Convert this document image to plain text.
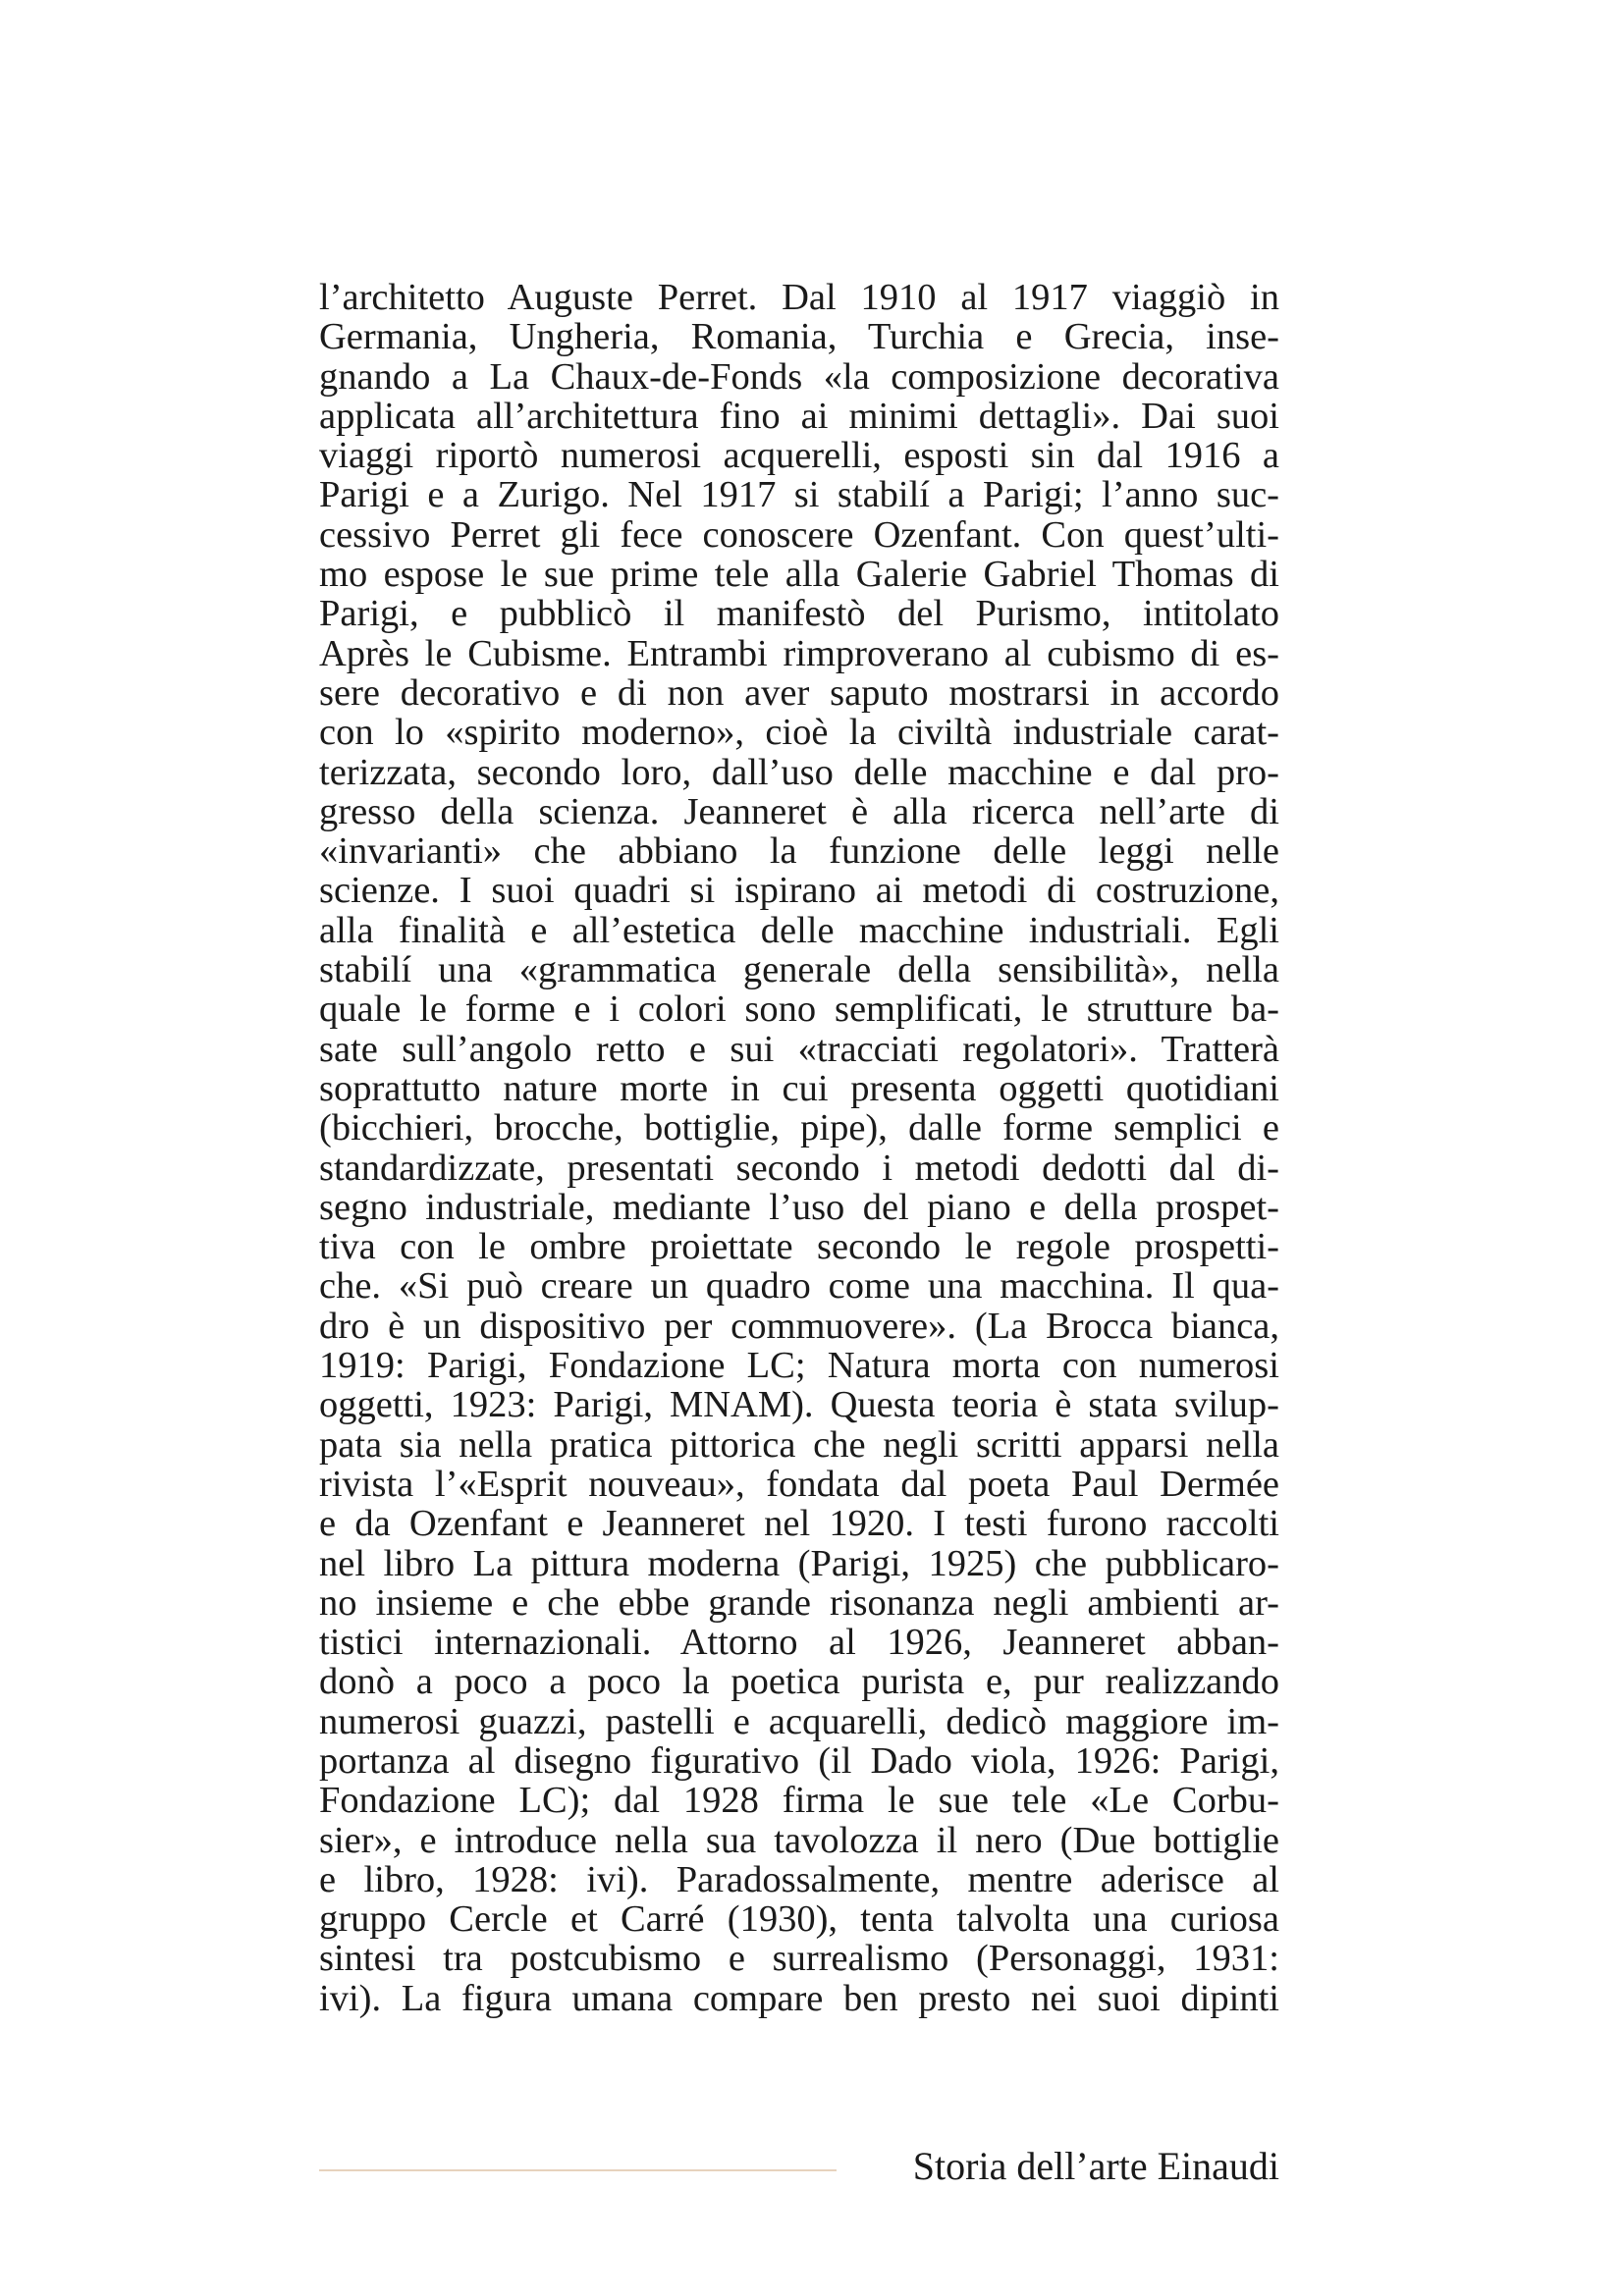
l’architetto Auguste Perret. Dal 1910 al 1917 viaggiò in
Germania, Ungheria, Romania, Turchia e Grecia, inse-
gnando a La Chaux-de-Fonds «la composizione decorativa
applicata all’architettura fino ai minimi dettagli». Dai suoi
viaggi riportò numerosi acquerelli, esposti sin dal 1916 a
Parigi e a Zurigo. Nel 1917 si stabilí a Parigi; l’anno suc-
cessivo Perret gli fece conoscere Ozenfant. Con quest’ulti-
mo espose le sue prime tele alla Galerie Gabriel Thomas di
Parigi, e pubblicò il manifestò del Purismo, intitolato
Après le Cubisme. Entrambi rimproverano al cubismo di es-
sere decorativo e di non aver saputo mostrarsi in accordo
con lo «spirito moderno», cioè la civiltà industriale carat-
terizzata, secondo loro, dall’uso delle macchine e dal pro-
gresso della scienza. Jeanneret è alla ricerca nell’arte di
«invarianti» che abbiano la funzione delle leggi nelle
scienze. I suoi quadri si ispirano ai metodi di costruzione,
alla finalità e all’estetica delle macchine industriali. Egli
stabilí una «grammatica generale della sensibilità», nella
quale le forme e i colori sono semplificati, le strutture ba-
sate sull’angolo retto e sui «tracciati regolatori». Tratterà
soprattutto nature morte in cui presenta oggetti quotidiani
(bicchieri, brocche, bottiglie, pipe), dalle forme semplici e
standardizzate, presentati secondo i metodi dedotti dal di-
segno industriale, mediante l’uso del piano e della prospet-
tiva con le ombre proiettate secondo le regole prospetti-
che. «Si può creare un quadro come una macchina. Il qua-
dro è un dispositivo per commuovere». (La Brocca bianca,
1919: Parigi, Fondazione LC; Natura morta con numerosi
oggetti, 1923: Parigi, MNAM). Questa teoria è stata svilup-
pata sia nella pratica pittorica che negli scritti apparsi nella
rivista l’«Esprit nouveau», fondata dal poeta Paul Dermée
e da Ozenfant e Jeanneret nel 1920. I testi furono raccolti
nel libro La pittura moderna (Parigi, 1925) che pubblicaro-
no insieme e che ebbe grande risonanza negli ambienti ar-
tistici internazionali. Attorno al 1926, Jeanneret abban-
donò a poco a poco la poetica purista e, pur realizzando
numerosi guazzi, pastelli e acquarelli, dedicò maggiore im-
portanza al disegno figurativo (il Dado viola, 1926: Parigi,
Fondazione LC); dal 1928 firma le sue tele «Le Corbu-
sier», e introduce nella sua tavolozza il nero (Due bottiglie
e libro, 1928: ivi). Paradossalmente, mentre aderisce al
gruppo Cercle et Carré (1930), tenta talvolta una curiosa
sintesi tra postcubismo e surrealismo (Personaggi, 1931:
ivi). La figura umana compare ben presto nei suoi dipinti
Storia dell’arte Einaudi
